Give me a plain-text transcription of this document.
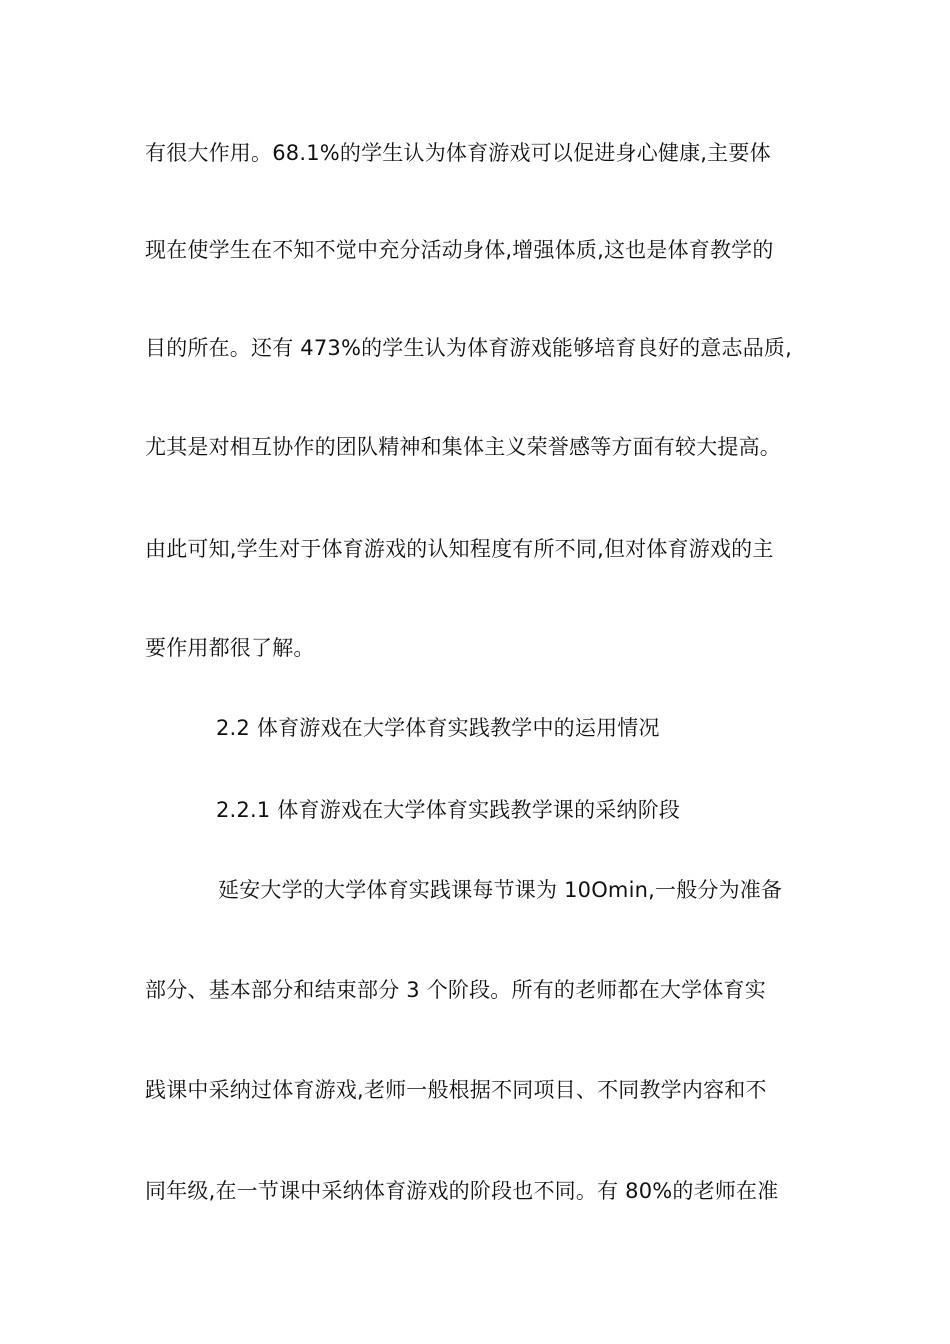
有很大作用。68.1%的学生认为体育游戏可以促进身心健康,主要体
现在使学生在不知不觉中充分活动身体,增强体质,这也是体育教学的
目的所在。还有 473%的学生认为体育游戏能够培育良好的意志品质,
尤其是对相互协作的团队精神和集体主义荣誉感等方面有较大提高。
由此可知,学生对于体育游戏的认知程度有所不同,但对体育游戏的主
要作用都很了解。
2.2 体育游戏在大学体育实践教学中的运用情况
2.2.1 体育游戏在大学体育实践教学课的采纳阶段
延安大学的大学体育实践课每节课为 10Omin,一般分为准备
部分、基本部分和结束部分 3 个阶段。所有的老师都在大学体育实
践课中采纳过体育游戏,老师一般根据不同项目、不同教学内容和不
同年级,在一节课中采纳体育游戏的阶段也不同。有 80%的老师在准
